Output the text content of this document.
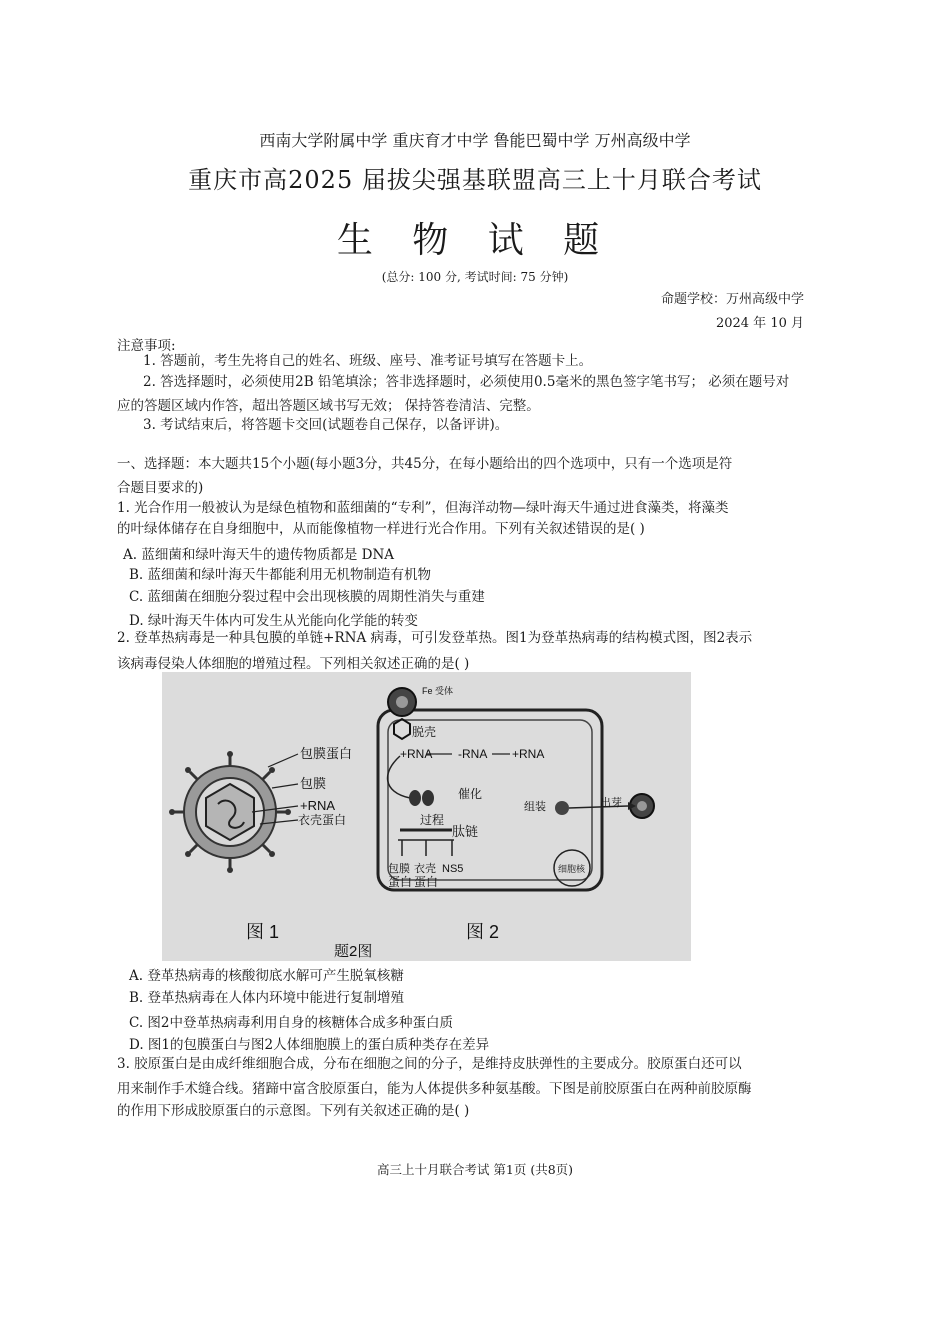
西南大学附属中学 重庆育才中学 鲁能巴蜀中学 万州高级中学
重庆市高2025 届拔尖强基联盟高三上十月联合考试
生 物 试 题
(总分: 100 分, 考试时间: 75 分钟)
命题学校：万州高级中学
2024 年 10 月
注意事项:
1. 答题前，考生先将自己的姓名、班级、座号、准考证号填写在答题卡上。
2. 答选择题时，必须使用2B 铅笔填涂；答非选择题时，必须使用0.5毫米的黑色签字笔书写； 必须在题号对
应的答题区域内作答，超出答题区域书写无效； 保持答卷清洁、完整。
3. 考试结束后，将答题卡交回(试题卷自己保存，以备评讲)。
一、选择题：本大题共15个小题(每小题3分，共45分，在每小题给出的四个选项中，只有一个选项是符
合题目要求的)
1. 光合作用一般被认为是绿色植物和蓝细菌的“专利”，但海洋动物—绿叶海天牛通过进食藻类，将藻类
的叶绿体储存在自身细胞中，从而能像植物一样进行光合作用。下列有关叙述错误的是( )
A. 蓝细菌和绿叶海天牛的遗传物质都是 DNA
B. 蓝细菌和绿叶海天牛都能利用无机物制造有机物
C. 蓝细菌在细胞分裂过程中会出现核膜的周期性消失与重建
D. 绿叶海天牛体内可发生从光能向化学能的转变
2. 登革热病毒是一种具包膜的单链+RNA 病毒，可引发登革热。图1为登革热病毒的结构模式图，图2表示
该病毒侵染人体细胞的增殖过程。下列相关叙述正确的是( )
包膜蛋白
包膜
+RNA
衣壳蛋白
Fe 受体
脱壳
+RNA -RNA +RNA
催化
组装	出芽
过程
肽链
包膜 衣壳 NS5
蛋白 蛋白
细胞核
图 1	图 2
题2图
A. 登革热病毒的核酸彻底水解可产生脱氧核糖
B. 登革热病毒在人体内环境中能进行复制增殖
C. 图2中登革热病毒利用自身的核糖体合成多种蛋白质
D. 图1的包膜蛋白与图2人体细胞膜上的蛋白质种类存在差异
3. 胶原蛋白是由成纤维细胞合成，分布在细胞之间的分子，是维持皮肤弹性的主要成分。胶原蛋白还可以
用来制作手术缝合线。猪蹄中富含胶原蛋白，能为人体提供多种氨基酸。下图是前胶原蛋白在两种前胶原酶
的作用下形成胶原蛋白的示意图。下列有关叙述正确的是( )
高三上十月联合考试 第1页 (共8页)
